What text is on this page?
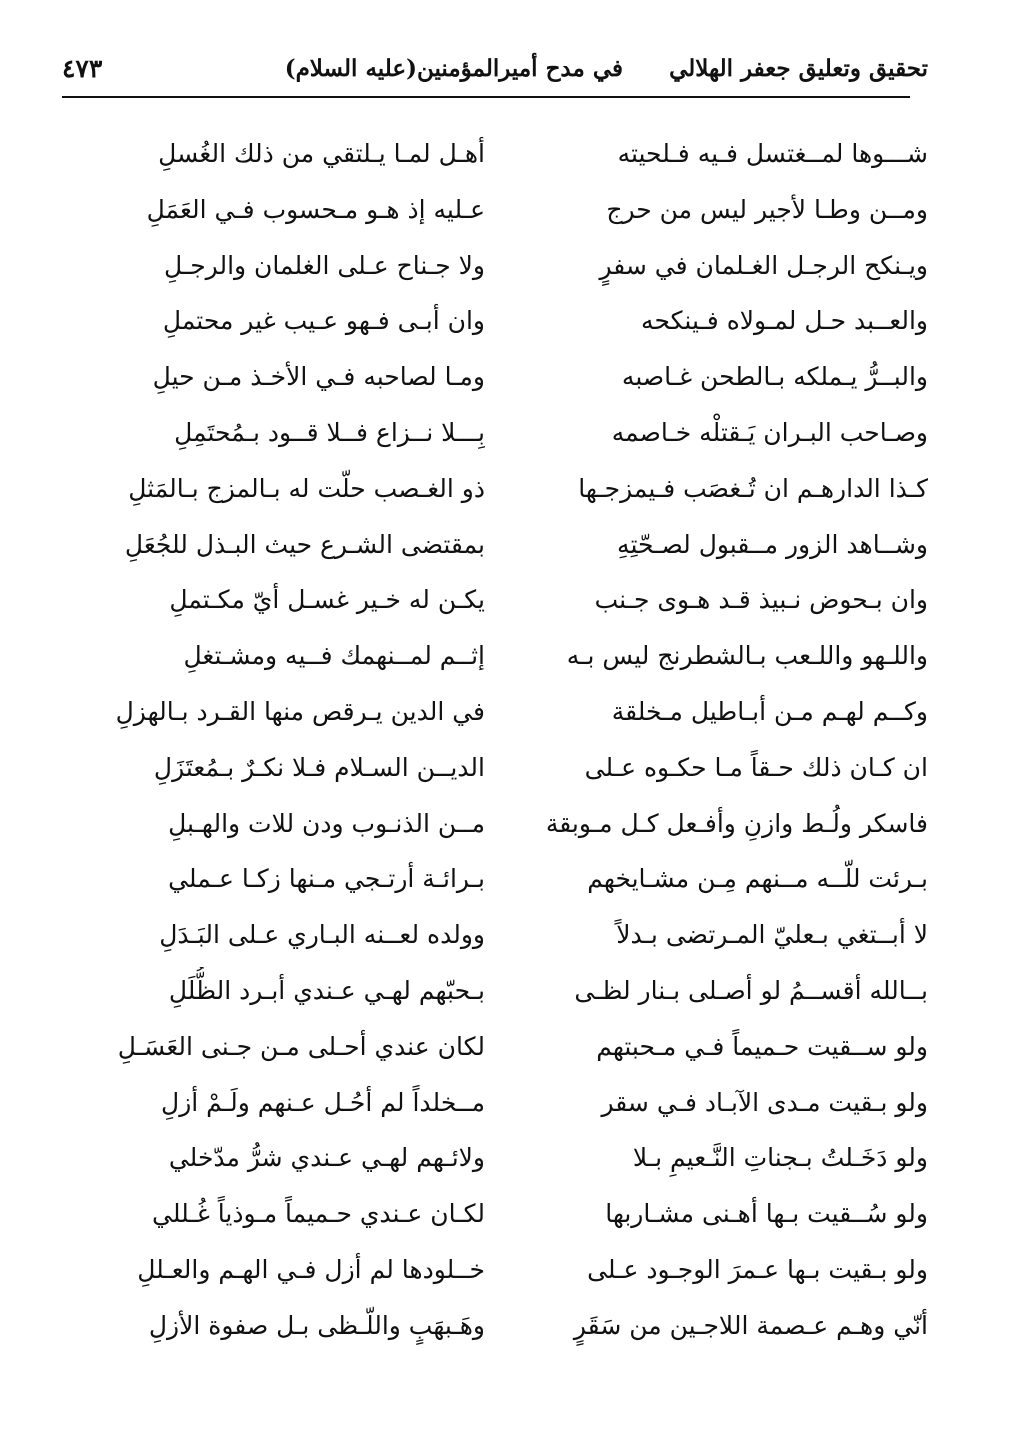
تحقيق وتعليق جعفر الهلالي
في مدح أميرالمؤمنين(عليه السلام)
٤٧٣
شـــوها لمــغتسل فـيه فـلحيته
أهـل لمـا يـلتقي من ذلك الغُسلِ
ومــن وطـا لأجير ليس من حرج
عـليه إذ هـو مـحسوب فـي العَمَلِ
ويـنكح الرجـل الغـلمان في سفرٍ
ولا جـناح عـلى الغلمان والرجـلِ
والعــبد حـل لمـولاه فـينكحه
وان أبـى فـهو عـيب غير محتملِ
والبــرُّ يـملكه بـالطحن غـاصبه
ومـا لصاحبه فـي الأخـذ مـن حيلِ
وصـاحب البـران يَـقتلْه خـاصمه
بِـــلا نــزاع فــلا قــود بـمُحتَمِلِ
كـذا الدارهـم ان تُـغصَب فـيمزجـها
ذو الغـصب حلّت له بـالمزج بـالمَثلِ
وشــاهد الزور مــقبول لصـحّتِهِ
بمقتضى الشـرع حيث البـذل للجُعَلِ
وان بـحوض نـبيذ قـد هـوى جـنب
يكـن له خـير غسـل أيّ مكـتملِ
واللـهو واللـعب بـالشطرنج ليس بـه
إثــم لمــنهمك فــيه ومشـتغلِ
وكــم لهـم مـن أبـاطيل مـخلقة
في الدين يـرقص منها القـرد بـالهزلِ
ان كـان ذلك حـقاً مـا حكـوه عـلى
الديــن السـلام فـلا نكـرٌ بـمُعتَزَلِ
فاسكر ولُـط وازنِ وأفـعل كـل مـوبقة
مــن الذنـوب ودن للات والهـبلِ
بـرئت للّــه مــنهم مِـن مشـايخهم
بـرائـة أرتـجي مـنها زكـا عـملي
لا أبــتغي بـعليّ المـرتضى بـدلاً
وولده لعــنه البـاري عـلى البَـدَلِ
بــالله أقســمُ لو أصـلى بـنار لظـى
بـحبّهم لهـي عـندي أبـرد الظُّلَلِ
ولو ســقيت حـميماً فـي مـحبتهم
لكان عندي أحـلى مـن جـنى العَسَـلِ
ولو بـقيت مـدى الآبـاد فـي سقر
مــخلداً لم أحُـل عـنهم ولَـمْ أزلِ
ولو دَخَـلتُ بـجناتِ النَّـعيمِ بـلا
ولائـهم لهـي عـندي شرُّ مدّخلي
ولو سُــقيت بـها أهـنى مشـاربها
لكـان عـندي حـميماً مـوذياً غُـللي
ولو بـقيت بـها عـمرَ الوجـود عـلى
خــلودها لم أزل فـي الهـم والعـللِ
أنّي وهـم عـصمة اللاجـين من سَقَرٍ
وهَـبهَبٍ واللّـظى بـل صفوة الأزلِ
